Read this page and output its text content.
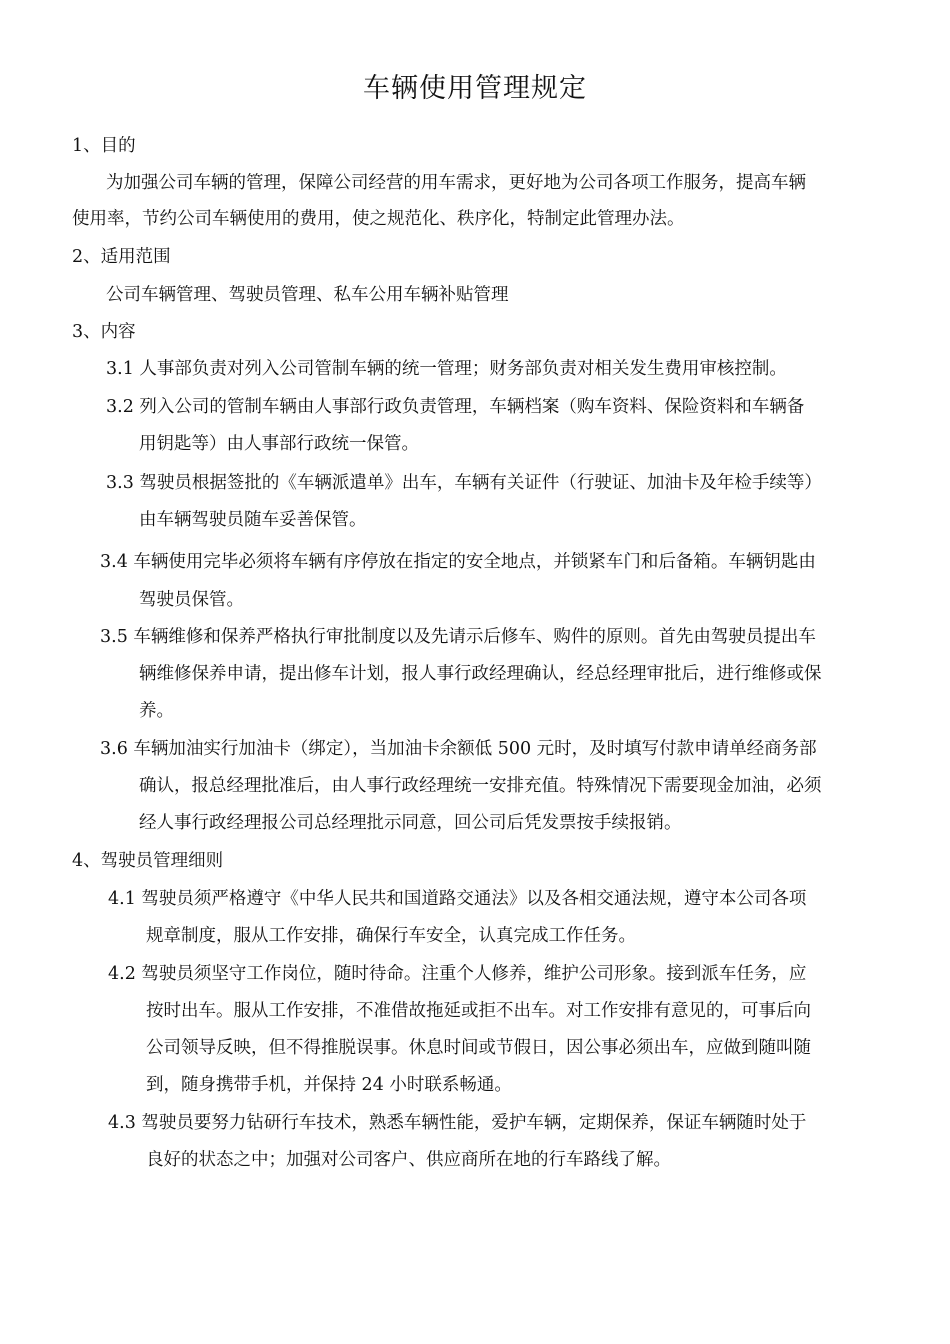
车辆使用管理规定
1、目的
为加强公司车辆的管理，保障公司经营的用车需求，更好地为公司各项工作服务，提高车辆
使用率，节约公司车辆使用的费用，使之规范化、秩序化，特制定此管理办法。
2、适用范围
公司车辆管理、驾驶员管理、私车公用车辆补贴管理
3、内容
3.1 人事部负责对列入公司管制车辆的统一管理；财务部负责对相关发生费用审核控制。
3.2 列入公司的管制车辆由人事部行政负责管理，车辆档案（购车资料、保险资料和车辆备
用钥匙等）由人事部行政统一保管。
3.3 驾驶员根据签批的《车辆派遣单》出车，车辆有关证件（行驶证、加油卡及年检手续等）
由车辆驾驶员随车妥善保管。
3.4 车辆使用完毕必须将车辆有序停放在指定的安全地点，并锁紧车门和后备箱。车辆钥匙由
驾驶员保管。
3.5 车辆维修和保养严格执行审批制度以及先请示后修车、购件的原则。首先由驾驶员提出车
辆维修保养申请，提出修车计划，报人事行政经理确认，经总经理审批后，进行维修或保
养。
3.6 车辆加油实行加油卡（绑定），当加油卡余额低 500 元时，及时填写付款申请单经商务部
确认，报总经理批准后，由人事行政经理统一安排充值。特殊情况下需要现金加油，必须
经人事行政经理报公司总经理批示同意，回公司后凭发票按手续报销。
4、驾驶员管理细则
4.1 驾驶员须严格遵守《中华人民共和国道路交通法》以及各相交通法规，遵守本公司各项
规章制度，服从工作安排，确保行车安全，认真完成工作任务。
4.2 驾驶员须坚守工作岗位，随时待命。注重个人修养，维护公司形象。接到派车任务，应
按时出车。服从工作安排，不准借故拖延或拒不出车。对工作安排有意见的，可事后向
公司领导反映，但不得推脱误事。休息时间或节假日，因公事必须出车，应做到随叫随
到，随身携带手机，并保持 24 小时联系畅通。
4.3 驾驶员要努力钻研行车技术，熟悉车辆性能，爱护车辆，定期保养，保证车辆随时处于
良好的状态之中；加强对公司客户、供应商所在地的行车路线了解。
